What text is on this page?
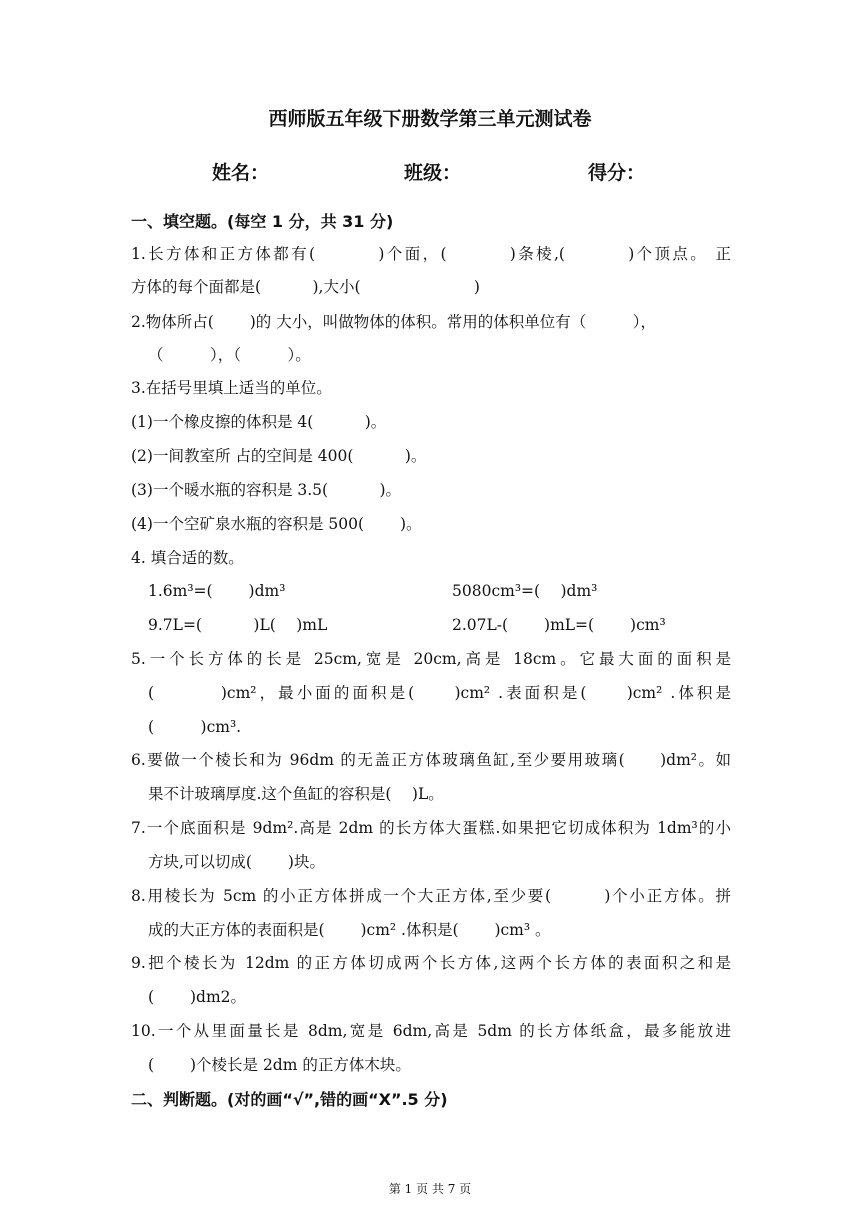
西师版五年级下册数学第三单元测试卷
姓名：	班级：	得分：
一、填空题。(每空 1 分，共 31 分)
1.长方体和正方体都有(　　　 )个面，(　　　 )条棱,(　　　 )个顶点。 正
方体的每个面都是(　　　 ),大小(　　　　　　　 )
2.物体所占(　　 )的 大小，叫做物体的体积。常用的体积单位有（　　　），
（　　　），（　　　）。
3.在括号里填上适当的单位。
(1)一个橡皮擦的体积是 4(　　　 )。
(2)一间教室所 占的空间是 400(　　　 )。
(3)一个暖水瓶的容积是 3.5(　　　 )。
(4)一个空矿泉水瓶的容积是 500(　　 )。
4. 填合适的数。
1.6m³=(　　 )dm³	5080cm³=(　 )dm³
9.7L=(　　　 )L(　 )mL	2.07L-(　　 )mL=(　　 )cm³
5.一个长方体的长是 25cm,宽是 20cm,高是 18cm。它最大面的面积是
(　　　 )cm²，最小面的面积是(　　)cm² .表面积是(　　)cm² .体积是
(　　　)cm³.
6.要做一个棱长和为 96dm 的无盖正方体玻璃鱼缸,至少要用玻璃(　　)dm²。如
果不计玻璃厚度.这个鱼缸的容积是(　 )L。
7.一个底面积是 9dm².高是 2dm 的长方体大蛋糕.如果把它切成体积为 1dm³的小
方块,可以切成(　　 )块。
8.用棱长为 5cm 的小正方体拼成一个大正方体,至少要(　　　)个小正方体。拼
成的大正方体的表面积是(　　 )cm² .体积是(　　 )cm³ 。
9.把个棱长为 12dm 的正方体切成两个长方体,这两个长方体的表面积之和是
(　　 )dm2。
10.一个从里面量长是 8dm,宽是 6dm,高是 5dm 的长方体纸盒，最多能放进
(　　 )个棱长是 2dm 的正方体木块。
二、判断题。(对的画“√”,错的画“X”.5 分)
第 1 页 共 7 页
